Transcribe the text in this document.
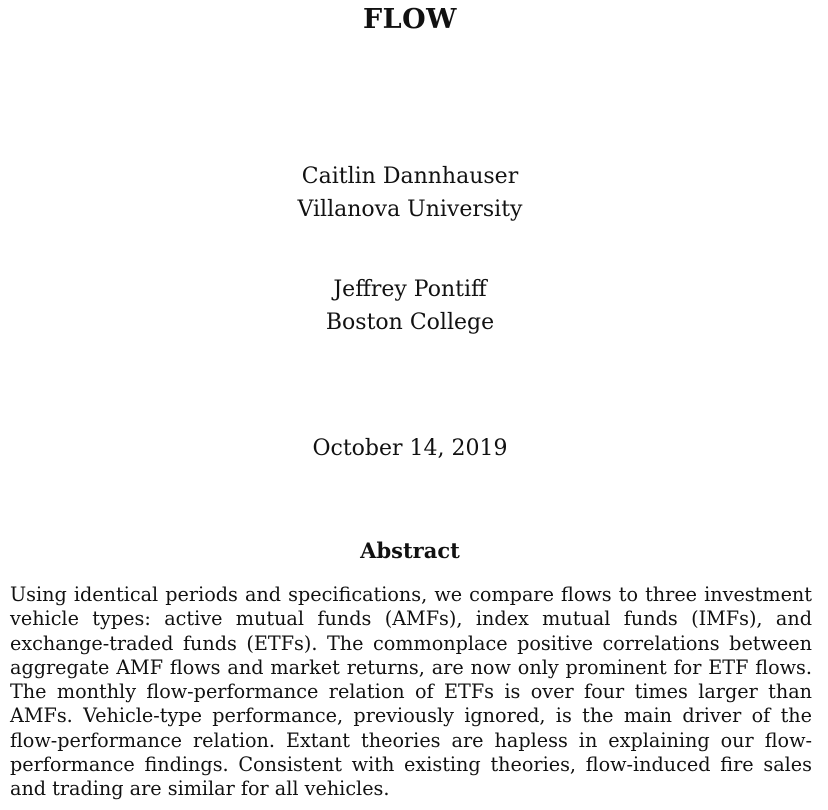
FLOW
Caitlin Dannhauser
Villanova University
Jeffrey Pontiff
Boston College
October 14, 2019
Abstract
Using identical periods and specifications, we compare flows to three investment vehicle types: active mutual funds (AMFs), index mutual funds (IMFs), and exchange-traded funds (ETFs). The commonplace positive correlations between aggregate AMF flows and market returns, are now only prominent for ETF flows. The monthly flow-performance relation of ETFs is over four times larger than AMFs. Vehicle-type performance, previously ignored, is the main driver of the flow-performance relation. Extant theories are hapless in explaining our flow-performance findings. Consistent with existing theories, flow-induced fire sales and trading are similar for all vehicles.
